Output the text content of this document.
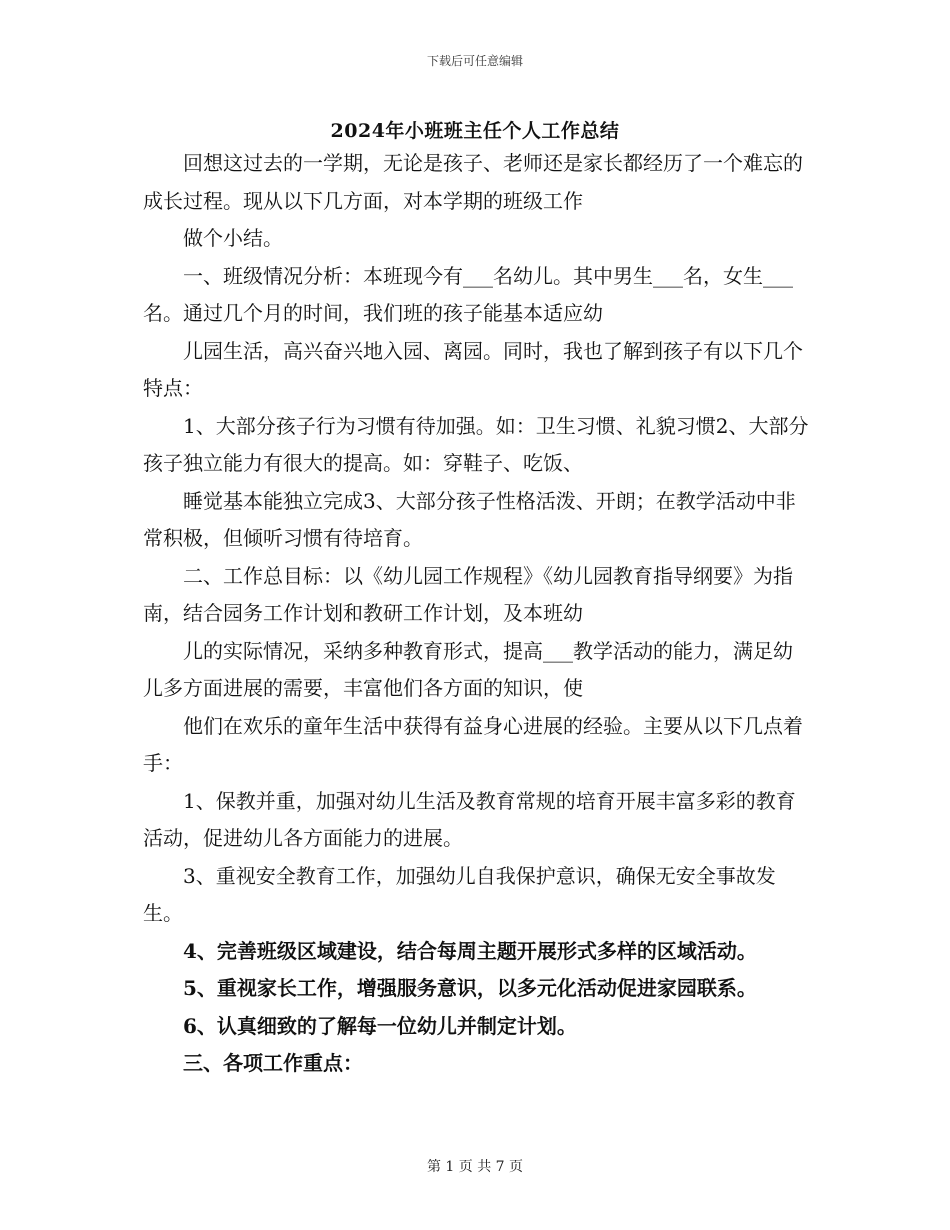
下载后可任意编辑
2024年小班班主任个人工作总结

回想这过去的一学期，无论是孩子、老师还是家长都经历了一个难忘的成长过程。现从以下几方面，对本学期的班级工作

做个小结。

一、班级情况分析：本班现今有___名幼儿。其中男生___名，女生___名。通过几个月的时间，我们班的孩子能基本适应幼

儿园生活，高兴奋兴地入园、离园。同时，我也了解到孩子有以下几个特点：

1、大部分孩子行为习惯有待加强。如：卫生习惯、礼貌习惯2、大部分孩子独立能力有很大的提高。如：穿鞋子、吃饭、

睡觉基本能独立完成3、大部分孩子性格活泼、开朗；在教学活动中非常积极，但倾听习惯有待培育。

二、工作总目标：以《幼儿园工作规程》《幼儿园教育指导纲要》为指南，结合园务工作计划和教研工作计划，及本班幼

儿的实际情况，采纳多种教育形式，提高___教学活动的能力，满足幼儿多方面进展的需要，丰富他们各方面的知识，使

他们在欢乐的童年生活中获得有益身心进展的经验。主要从以下几点着手：

1、保教并重，加强对幼儿生活及教育常规的培育开展丰富多彩的教育活动，促进幼儿各方面能力的进展。

3、重视安全教育工作，加强幼儿自我保护意识，确保无安全事故发生。

4、完善班级区域建设，结合每周主题开展形式多样的区域活动。

5、重视家长工作，增强服务意识，以多元化活动促进家园联系。

6、认真细致的了解每一位幼儿并制定计划。

三、各项工作重点：

第 1 页 共 7 页
